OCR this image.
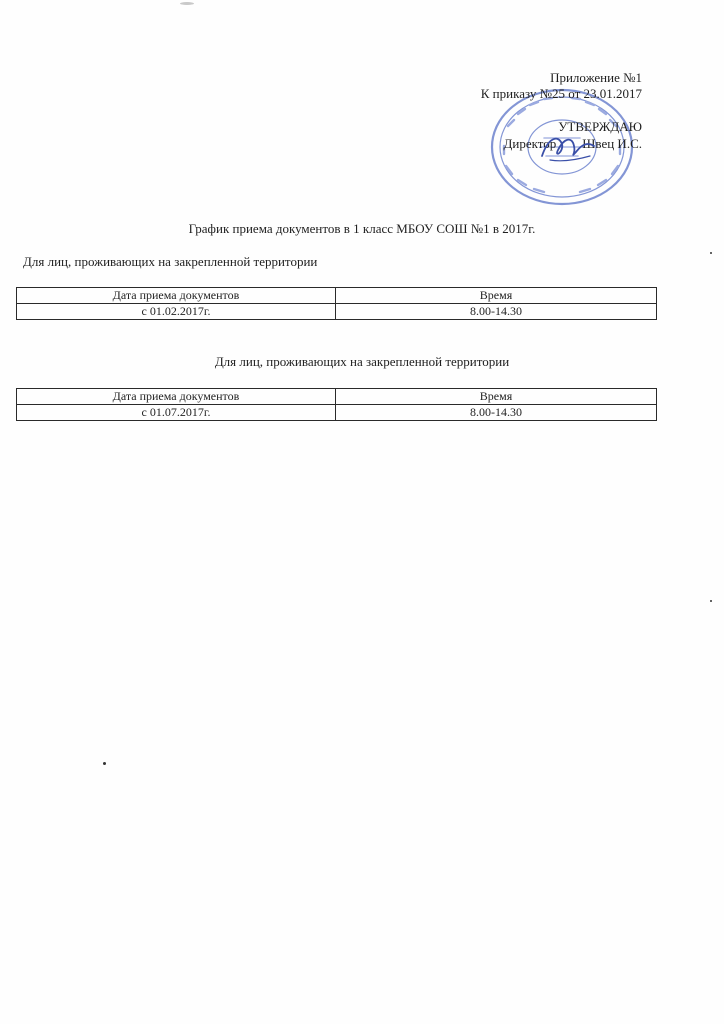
Приложение №1
К приказу №25 от 23.01.2017
УТВЕРЖДАЮ
Директор        Швец И.С.
График приема документов в 1 класс МБОУ СОШ №1 в 2017г.
Для лиц, проживающих на закрепленной территории
Дата приема документов	Время
с 01.02.2017г.	8.00-14.30
Для лиц, проживающих на закрепленной территории
Дата приема документов	Время
с 01.07.2017г.	8.00-14.30
